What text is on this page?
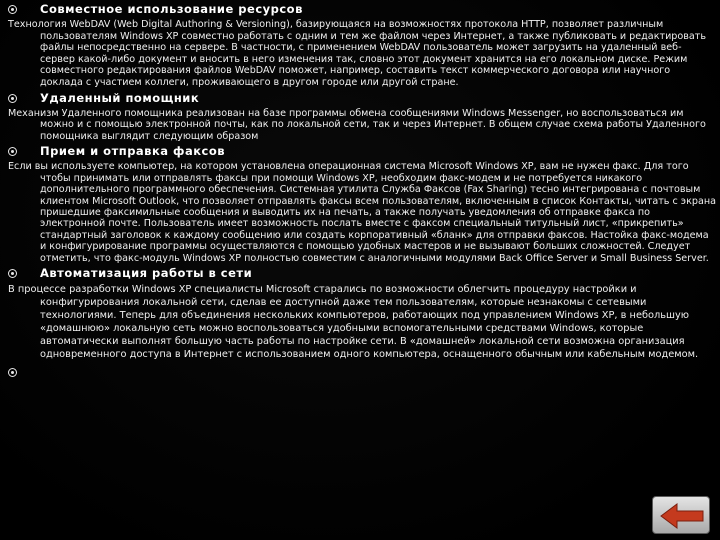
Совместное использование ресурсов

Технология WebDAV (Web Digital Authoring & Versioning), базирующаяся на возможностях протокола HTTP, позволяет различным пользователям Windows XP совместно работать с одним и тем же файлом через Интернет, а также публиковать и редактировать файлы непосредственно на сервере. В частности, с применением WebDAV пользователь может загрузить на удаленный веб-сервер какой-либо документ и вносить в него изменения так, словно этот документ хранится на его локальном диске. Режим совместного редактирования файлов WebDAV поможет, например, составить текст коммерческого договора или научного доклада с участием коллеги, проживающего в другом городе или другой стране.

Удаленный помощник

Механизм Удаленного помощника реализован на базе программы обмена сообщениями Windows Messenger, но воспользоваться им можно и с помощью электронной почты, как по локальной сети, так и через Интернет. В общем случае схема работы Удаленного помощника выглядит следующим образом

Прием и отправка факсов

Если вы используете компьютер, на котором установлена операционная система Microsoft Windows XP, вам не нужен факс. Для того чтобы принимать или отправлять факсы при помощи Windows XP, необходим факс-модем и не потребуется никакого дополнительного программного обеспечения. Системная утилита Служба Факсов (Fax Sharing) тесно интегрирована с почтовым клиентом Microsoft Outlook, что позволяет отправлять факсы всем пользователям, включенным в список Контакты, читать с экрана пришедшие факсимильные сообщения и выводить их на печать, а также получать уведомления об отправке факса по электронной почте. Пользователь имеет возможность послать вместе с факсом специальный титульный лист, «прикрепить» стандартный заголовок к каждому сообщению или создать корпоративный «бланк» для отправки факсов. Настойка факс-модема и конфигурирование программы осуществляются с помощью удобных мастеров и не вызывают больших сложностей. Следует отметить, что факс-модуль Windows XP полностью совместим с аналогичными модулями Back Office Server и Small Business Server.

Автоматизация работы в сети

В процессе разработки Windows XP специалисты Microsoft старались по возможности облегчить процедуру настройки и конфигурирования локальной сети, сделав ее доступной даже тем пользователям, которые незнакомы с сетевыми технологиями. Теперь для объединения нескольких компьютеров, работающих под управлением Windows XP, в небольшую «домашнюю» локальную сеть можно воспользоваться удобными вспомогательными средствами Windows, которые автоматически выполнят большую часть работы по настройке сети. В «домашней» локальной сети возможна организация одновременного доступа в Интернет с использованием одного компьютера, оснащенного обычным или кабельным модемом.
